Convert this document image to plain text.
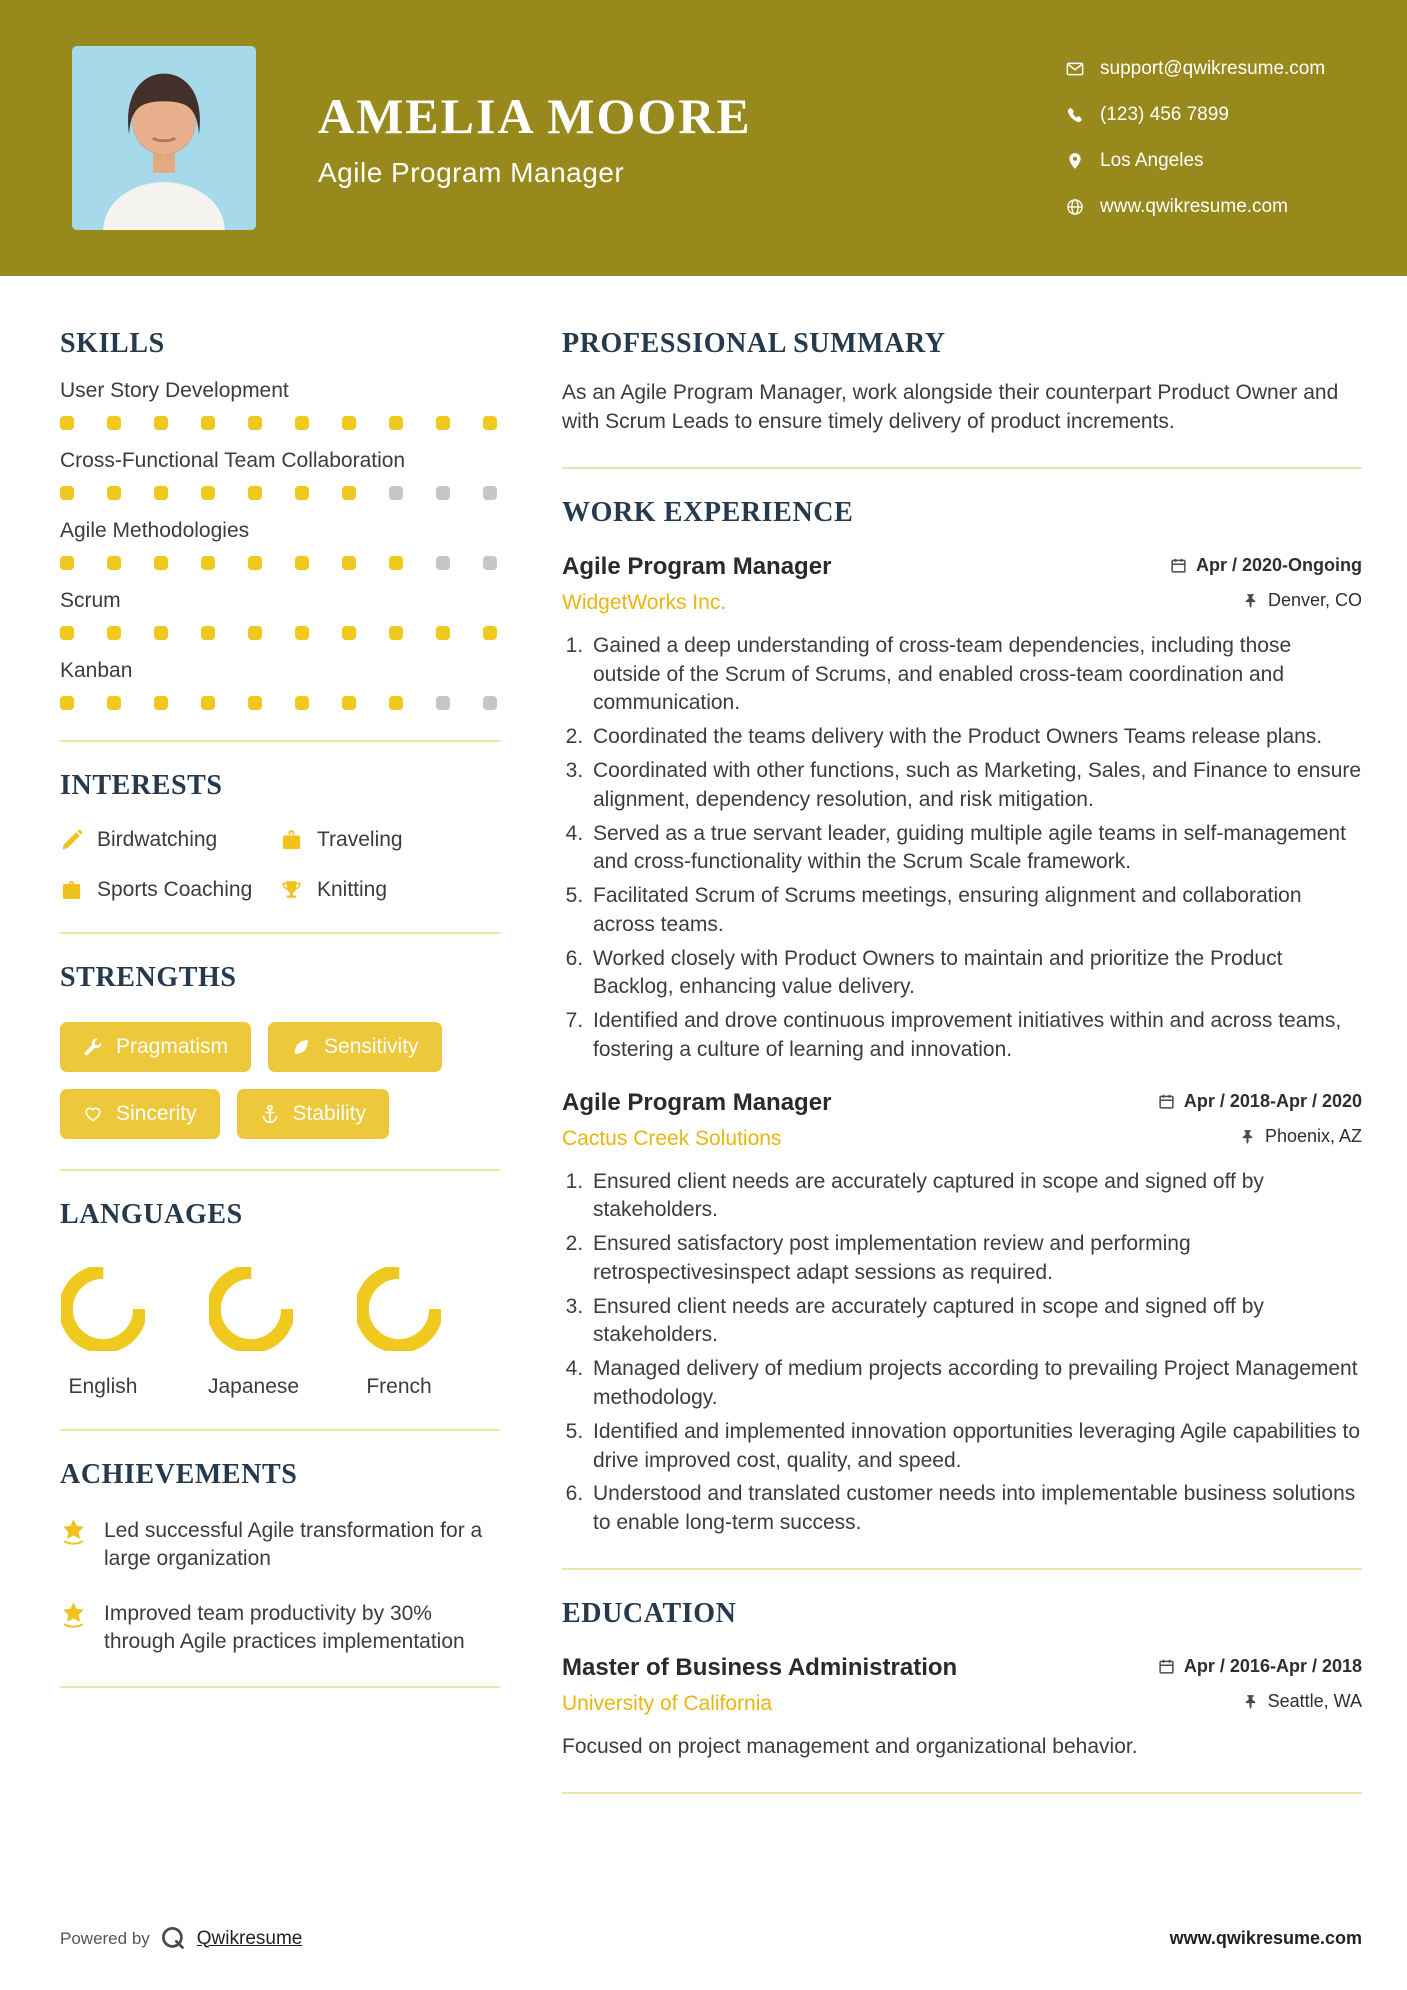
AMELIA MOORE
Agile Program Manager
support@qwikresume.com
(123) 456 7899
Los Angeles
www.qwikresume.com
SKILLS
User Story Development
Cross-Functional Team Collaboration
Agile Methodologies
Scrum
Kanban
INTERESTS
Birdwatching	Traveling
Sports Coaching	Knitting
STRENGTHS
Pragmatism	Sensitivity
Sincerity	Stability
LANGUAGES
English	Japanese	French
ACHIEVEMENTS
Led successful Agile transformation for a large organization
Improved team productivity by 30% through Agile practices implementation
PROFESSIONAL SUMMARY

As an Agile Program Manager, work alongside their counterpart Product Owner and with Scrum Leads to ensure timely delivery of product increments.

WORK EXPERIENCE
Agile Program Manager	Apr / 2020-Ongoing
WidgetWorks Inc.	Denver, CO
1. Gained a deep understanding of cross-team dependencies, including those outside of the Scrum of Scrums, and enabled cross-team coordination and communication.
2. Coordinated the teams delivery with the Product Owners Teams release plans.
3. Coordinated with other functions, such as Marketing, Sales, and Finance to ensure alignment, dependency resolution, and risk mitigation.
4. Served as a true servant leader, guiding multiple agile teams in self-management and cross-functionality within the Scrum Scale framework.
5. Facilitated Scrum of Scrums meetings, ensuring alignment and collaboration across teams.
6. Worked closely with Product Owners to maintain and prioritize the Product Backlog, enhancing value delivery.
7. Identified and drove continuous improvement initiatives within and across teams, fostering a culture of learning and innovation.
Agile Program Manager	Apr / 2018-Apr / 2020
Cactus Creek Solutions	Phoenix, AZ
1. Ensured client needs are accurately captured in scope and signed off by stakeholders.
2. Ensured satisfactory post implementation review and performing retrospectivesinspect adapt sessions as required.
3. Ensured client needs are accurately captured in scope and signed off by stakeholders.
4. Managed delivery of medium projects according to prevailing Project Management methodology.
5. Identified and implemented innovation opportunities leveraging Agile capabilities to drive improved cost, quality, and speed.
6. Understood and translated customer needs into implementable business solutions to enable long-term success.
EDUCATION
Master of Business Administration	Apr / 2016-Apr / 2018
University of California	Seattle, WA

Focused on project management and organizational behavior.

Powered by Qwikresume	www.qwikresume.com
